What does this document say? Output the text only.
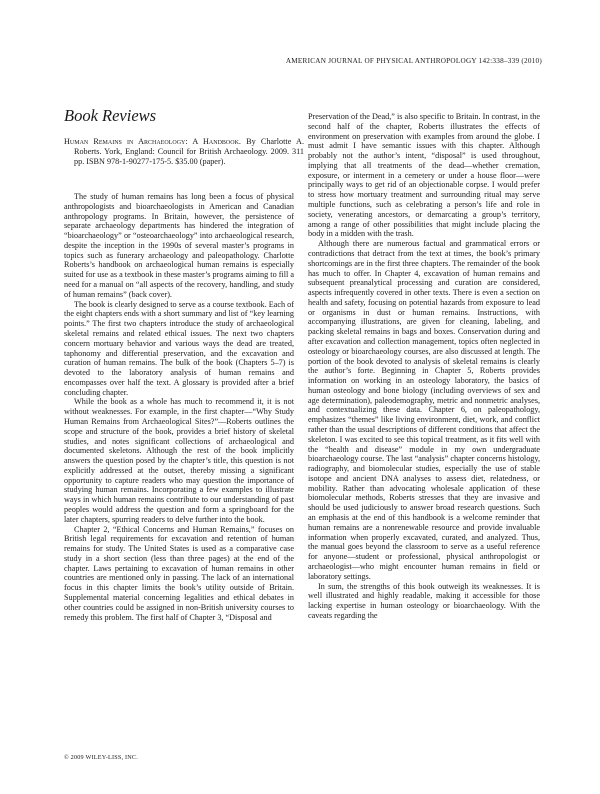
AMERICAN JOURNAL OF PHYSICAL ANTHROPOLOGY 142:338–339 (2010)
Book Reviews
Human Remains in Archaeology: A Handbook. By Charlotte A. Roberts. York, England: Council for British Archaeology. 2009. 311 pp. ISBN 978-1-90277-175-5. $35.00 (paper).

The study of human remains has long been a focus of physical anthropologists and bioarchaeologists in American and Canadian anthropology programs. In Britain, however, the persistence of separate archaeology departments has hindered the integration of “bioarchaeology” or “osteoarchaeology” into archaeological research, despite the inception in the 1990s of several master’s programs in topics such as funerary archaeology and paleopathology. Charlotte Roberts’s handbook on archaeological human remains is especially suited for use as a textbook in these master’s programs aiming to fill a need for a manual on “all aspects of the recovery, handling, and study of human remains” (back cover).

The book is clearly designed to serve as a course textbook. Each of the eight chapters ends with a short summary and list of “key learning points.” The first two chapters introduce the study of archaeological skeletal remains and related ethical issues. The next two chapters concern mortuary behavior and various ways the dead are treated, taphonomy and differential preservation, and the excavation and curation of human remains. The bulk of the book (Chapters 5–7) is devoted to the laboratory analysis of human remains and encompasses over half the text. A glossary is provided after a brief concluding chapter.

While the book as a whole has much to recommend it, it is not without weaknesses. For example, in the first chapter—“Why Study Human Remains from Archaeological Sites?”—Roberts outlines the scope and structure of the book, provides a brief history of skeletal studies, and notes significant collections of archaeological and documented skeletons. Although the rest of the book implicitly answers the question posed by the chapter’s title, this question is not explicitly addressed at the outset, thereby missing a significant opportunity to capture readers who may question the importance of studying human remains. Incorporating a few examples to illustrate ways in which human remains contribute to our understanding of past peoples would address the question and form a springboard for the later chapters, spurring readers to delve further into the book.

Chapter 2, “Ethical Concerns and Human Remains,” focuses on British legal requirements for excavation and retention of human remains for study. The United States is used as a comparative case study in a short section (less than three pages) at the end of the chapter. Laws pertaining to excavation of human remains in other countries are mentioned only in passing. The lack of an international focus in this chapter limits the book’s utility outside of Britain. Supplemental material concerning legalities and ethical debates in other countries could be assigned in non-British university courses to remedy this problem. The first half of Chapter 3, “Disposal and

Preservation of the Dead,” is also specific to Britain. In contrast, in the second half of the chapter, Roberts illustrates the effects of environment on preservation with examples from around the globe. I must admit I have semantic issues with this chapter. Although probably not the author’s intent, “disposal” is used throughout, implying that all treatments of the dead—whether cremation, exposure, or interment in a cemetery or under a house floor—were principally ways to get rid of an objectionable corpse. I would prefer to stress how mortuary treatment and surrounding ritual may serve multiple functions, such as celebrating a person’s life and role in society, venerating ancestors, or demarcating a group’s territory, among a range of other possibilities that might include placing the body in a midden with the trash.

Although there are numerous factual and grammatical errors or contradictions that detract from the text at times, the book’s primary shortcomings are in the first three chapters. The remainder of the book has much to offer. In Chapter 4, excavation of human remains and subsequent preanalytical processing and curation are considered, aspects infrequently covered in other texts. There is even a section on health and safety, focusing on potential hazards from exposure to lead or organisms in dust or human remains. Instructions, with accompanying illustrations, are given for cleaning, labeling, and packing skeletal remains in bags and boxes. Conservation during and after excavation and collection management, topics often neglected in osteology or bioarchaeology courses, are also discussed at length. The portion of the book devoted to analysis of skeletal remains is clearly the author’s forte. Beginning in Chapter 5, Roberts provides information on working in an osteology laboratory, the basics of human osteology and bone biology (including overviews of sex and age determination), paleodemography, metric and nonmetric analyses, and contextualizing these data. Chapter 6, on paleopathology, emphasizes “themes” like living environment, diet, work, and conflict rather than the usual descriptions of different conditions that affect the skeleton. I was excited to see this topical treatment, as it fits well with the “health and disease” module in my own undergraduate bioarchaeology course. The last “analysis” chapter concerns histology, radiography, and biomolecular studies, especially the use of stable isotope and ancient DNA analyses to assess diet, relatedness, or mobility. Rather than advocating wholesale application of these biomolecular methods, Roberts stresses that they are invasive and should be used judiciously to answer broad research questions. Such an emphasis at the end of this handbook is a welcome reminder that human remains are a nonrenewable resource and provide invaluable information when properly excavated, curated, and analyzed. Thus, the manual goes beyond the classroom to serve as a useful reference for anyone—student or professional, physical anthropologist or archaeologist—who might encounter human remains in field or laboratory settings.

In sum, the strengths of this book outweigh its weaknesses. It is well illustrated and highly readable, making it accessible for those lacking expertise in human osteology or bioarchaeology. With the caveats regarding the

© 2009 WILEY-LISS, INC.
